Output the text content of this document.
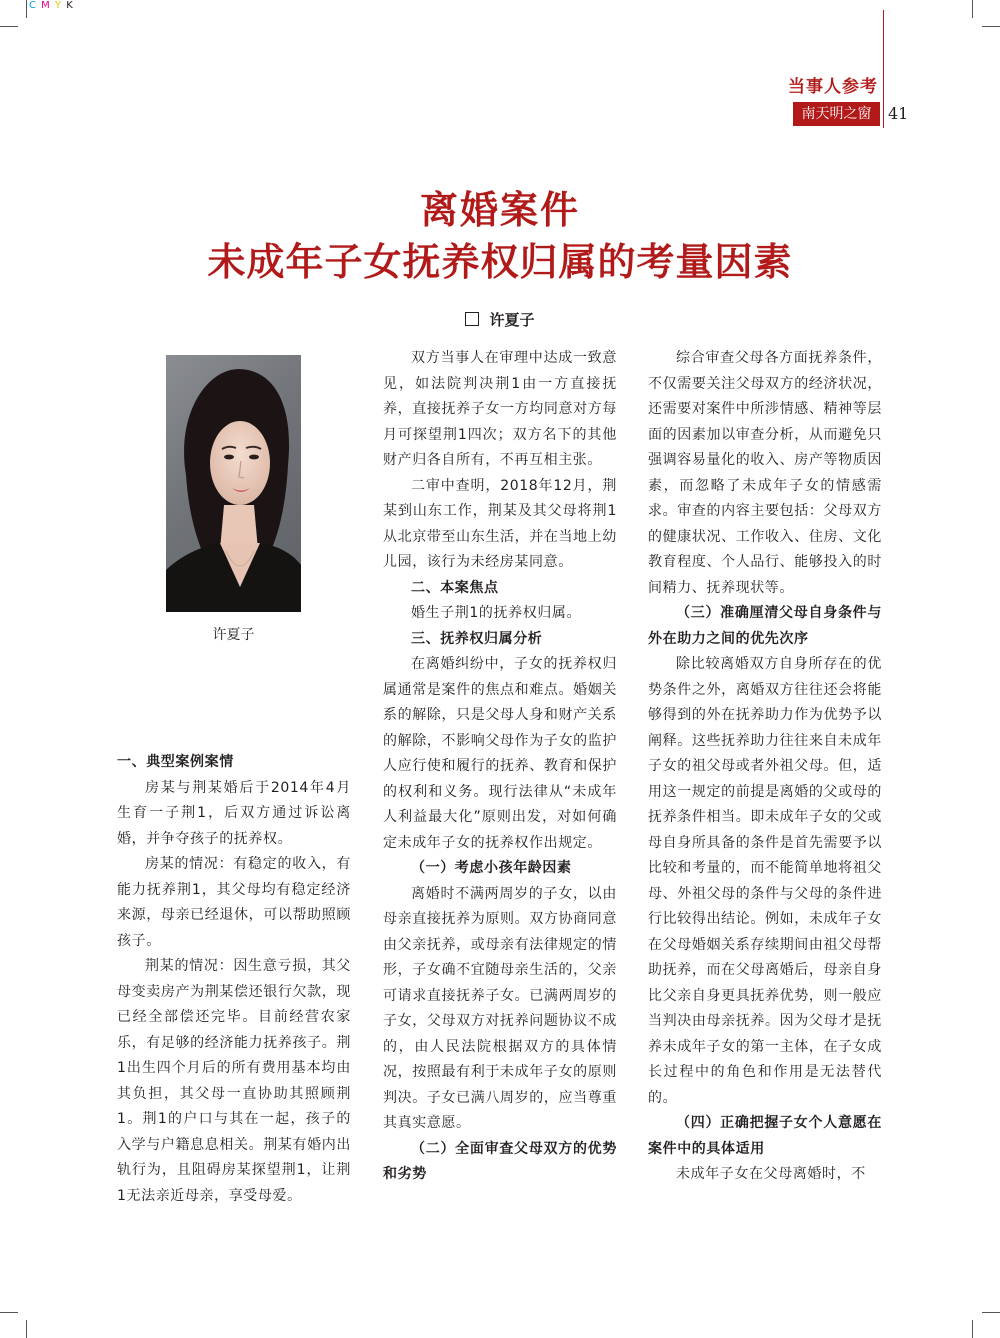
C M Y K
当事人参考
南天明之窗	41
离婚案件
未成年子女抚养权归属的考量因素
许夏子
许夏子
一、典型案例案情

房某与荆某婚后于2014年4月生育一子荆1，后双方通过诉讼离婚，并争夺孩子的抚养权。

房某的情况：有稳定的收入，有能力抚养荆1，其父母均有稳定经济来源，母亲已经退休，可以帮助照顾孩子。

荆某的情况：因生意亏损，其父母变卖房产为荆某偿还银行欠款，现已经全部偿还完毕。目前经营农家乐，有足够的经济能力抚养孩子。荆1出生四个月后的所有费用基本均由其负担，其父母一直协助其照顾荆1。荆1的户口与其在一起，孩子的入学与户籍息息相关。荆某有婚内出轨行为，且阻碍房某探望荆1，让荆1无法亲近母亲，享受母爱。

双方当事人在审理中达成一致意见，如法院判决荆1由一方直接抚养，直接抚养子女一方均同意对方每月可探望荆1四次；双方名下的其他财产归各自所有，不再互相主张。

二审中查明，2018年12月，荆某到山东工作，荆某及其父母将荆1从北京带至山东生活，并在当地上幼儿园，该行为未经房某同意。

二、本案焦点

婚生子荆1的抚养权归属。

三、抚养权归属分析

在离婚纠纷中，子女的抚养权归属通常是案件的焦点和难点。婚姻关系的解除，只是父母人身和财产关系的解除，不影响父母作为子女的监护人应行使和履行的抚养、教育和保护的权利和义务。现行法律从“未成年人利益最大化”原则出发，对如何确定未成年子女的抚养权作出规定。

（一）考虑小孩年龄因素

离婚时不满两周岁的子女，以由母亲直接抚养为原则。双方协商同意由父亲抚养，或母亲有法律规定的情形，子女确不宜随母亲生活的，父亲可请求直接抚养子女。已满两周岁的子女，父母双方对抚养问题协议不成的，由人民法院根据双方的具体情况，按照最有利于未成年子女的原则判决。子女已满八周岁的，应当尊重其真实意愿。

（二）全面审查父母双方的优势和劣势

综合审查父母各方面抚养条件，不仅需要关注父母双方的经济状况，还需要对案件中所涉情感、精神等层面的因素加以审查分析，从而避免只强调容易量化的收入、房产等物质因素，而忽略了未成年子女的情感需求。审查的内容主要包括：父母双方的健康状况、工作收入、住房、文化教育程度、个人品行、能够投入的时间精力、抚养现状等。

（三）准确厘清父母自身条件与外在助力之间的优先次序

除比较离婚双方自身所存在的优势条件之外，离婚双方往往还会将能够得到的外在抚养助力作为优势予以阐释。这些抚养助力往往来自未成年子女的祖父母或者外祖父母。但，适用这一规定的前提是离婚的父或母的抚养条件相当。即未成年子女的父或母自身所具备的条件是首先需要予以比较和考量的，而不能简单地将祖父母、外祖父母的条件与父母的条件进行比较得出结论。例如，未成年子女在父母婚姻关系存续期间由祖父母帮助抚养，而在父母离婚后，母亲自身比父亲自身更具抚养优势，则一般应当判决由母亲抚养。因为父母才是抚养未成年子女的第一主体，在子女成长过程中的角色和作用是无法替代的。

（四）正确把握子女个人意愿在案件中的具体适用

未成年子女在父母离婚时，不
